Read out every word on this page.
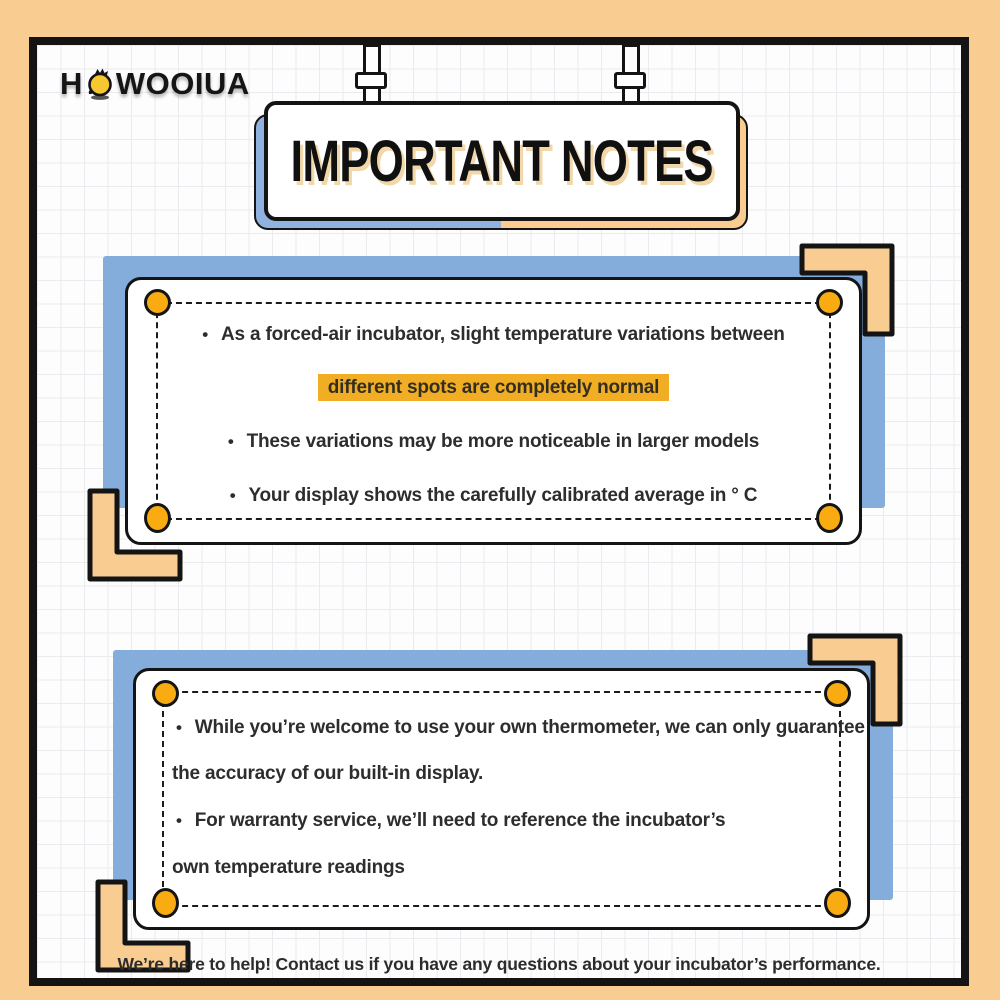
H WOOIUA
IMPORTANT NOTES
• As a forced-air incubator, slight temperature variations between
different spots are completely normal
• These variations may be more noticeable in larger models
• Your display shows the carefully calibrated average in ° C
• While you’re welcome to use your own thermometer, we can only guarantee
the accuracy of our built-in display.
• For warranty service, we’ll need to reference the incubator’s
own temperature readings
We’re here to help! Contact us if you have any questions about your incubator’s performance.
